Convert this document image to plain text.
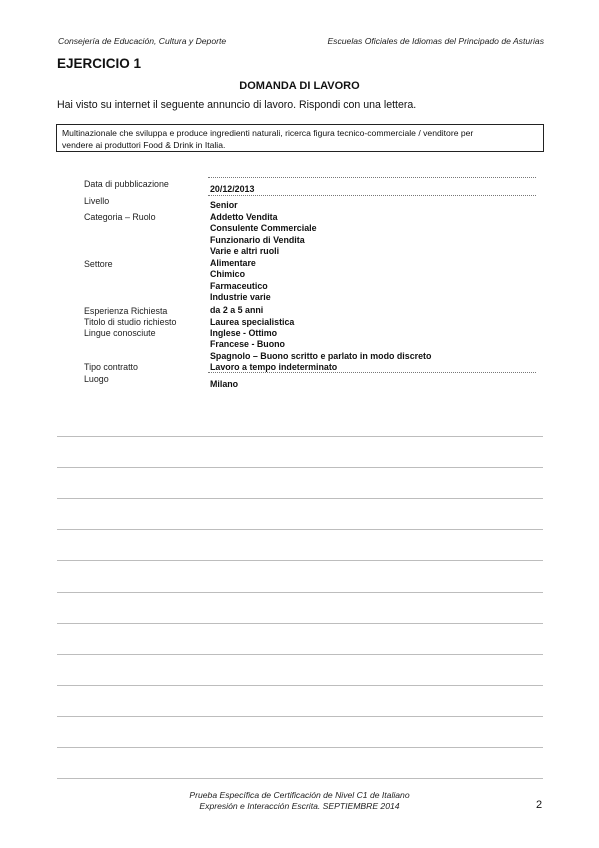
Consejería de Educación, Cultura y Deporte	Escuelas Oficiales de Idiomas del Principado de Asturias
EJERCICIO 1
DOMANDA DI LAVORO
Hai visto su internet il seguente annuncio di lavoro. Rispondi con una lettera.
Multinazionale che sviluppa e produce ingredienti naturali, ricerca figura tecnico-commerciale / venditore per
vendere ai produttori Food & Drink in Italia.
Data di pubblicazione
Livello
Categoria – Ruolo
Settore
Esperienza Richiesta
Titolo di studio richiesto
Lingue conosciute
Tipo contratto
Luogo
20/12/2013
Senior
Addetto Vendita
Consulente Commerciale
Funzionario di Vendita
Varie e altri ruoli
Alimentare
Chimico
Farmaceutico
Industrie varie
da 2 a 5 anni
Laurea specialistica
Inglese - Ottimo
Francese - Buono
Spagnolo – Buono scritto e parlato in modo discreto
Lavoro a tempo indeterminato
Milano
Prueba Específica de Certificación de Nivel C1 de Italiano
Expresión e Interacción Escrita. SEPTIEMBRE 2014	2
